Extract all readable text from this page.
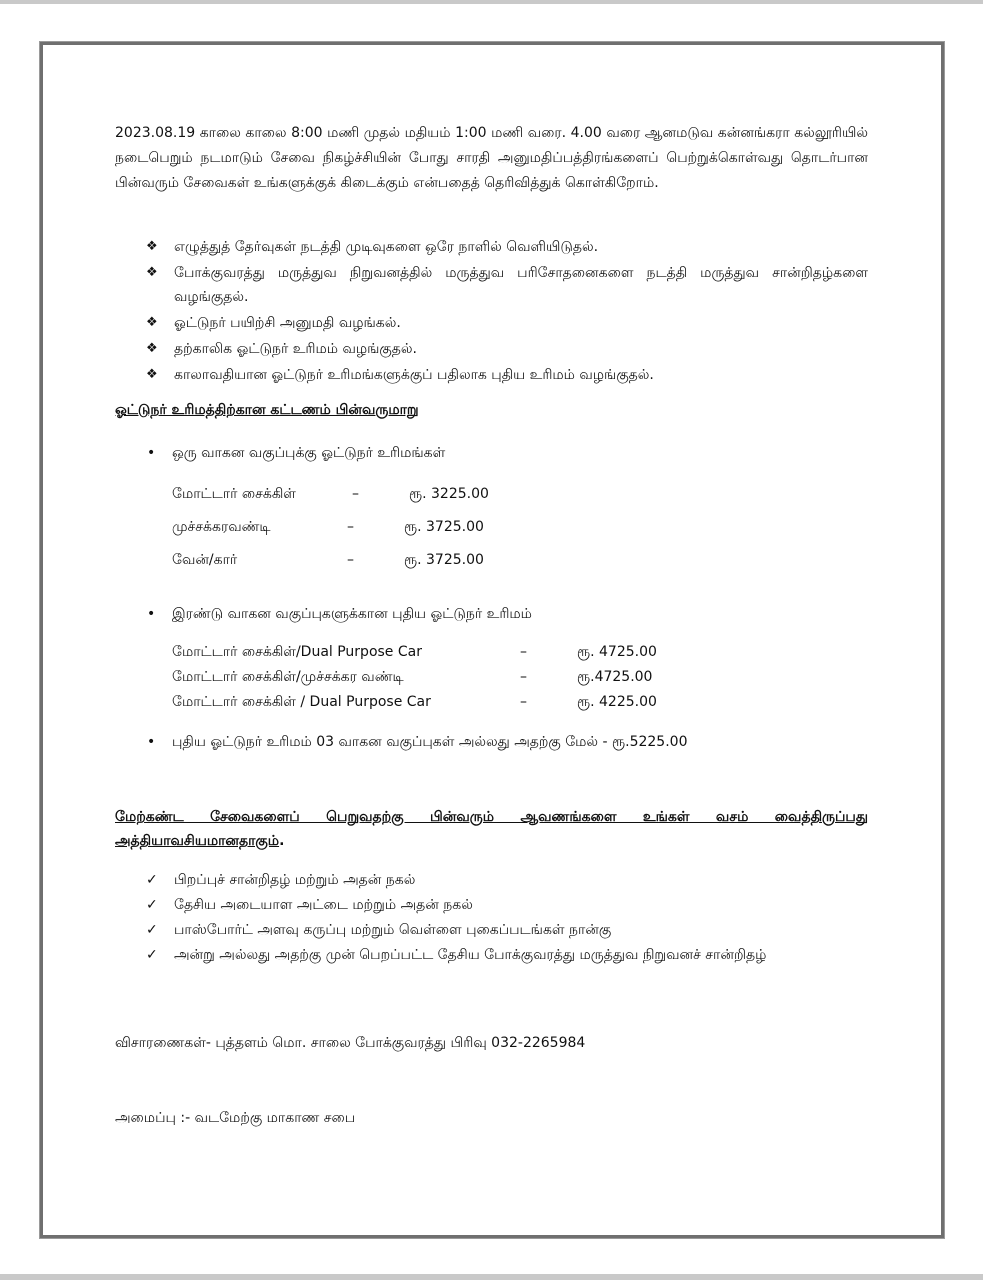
2023.08.19 காலை காலை 8:00 மணி முதல் மதியம் 1:00 மணி வரை. 4.00 வரை ஆனமடுவ கன்னங்கரா கல்லூரியில் நடைபெறும் நடமாடும் சேவை நிகழ்ச்சியின் போது சாரதி அனுமதிப்பத்திரங்களைப் பெற்றுக்கொள்வது தொடர்பான பின்வரும் சேவைகள் உங்களுக்குக் கிடைக்கும் என்பதைத் தெரிவித்துக் கொள்கிறோம்.

❖ எழுத்துத் தேர்வுகள் நடத்தி முடிவுகளை ஒரே நாளில் வெளியிடுதல்.
❖ போக்குவரத்து மருத்துவ நிறுவனத்தில் மருத்துவ பரிசோதனைகளை நடத்தி மருத்துவ சான்றிதழ்களை வழங்குதல்.
❖ ஓட்டுநர் பயிற்சி அனுமதி வழங்கல்.
❖ தற்காலிக ஓட்டுநர் உரிமம் வழங்குதல்.
❖ காலாவதியான ஓட்டுநர் உரிமங்களுக்குப் பதிலாக புதிய உரிமம் வழங்குதல்.

ஓட்டுநர் உரிமத்திற்கான கட்டணம் பின்வருமாறு

• ஒரு வாகன வகுப்புக்கு ஓட்டுநர் உரிமங்கள்
மோட்டார் சைக்கிள்	–	ரூ. 3225.00
முச்சக்கரவண்டி	–	ரூ. 3725.00
வேன்/கார்	–	ரூ. 3725.00
• இரண்டு வாகன வகுப்புகளுக்கான புதிய ஓட்டுநர் உரிமம்
மோட்டார் சைக்கிள்/Dual Purpose Car	–	ரூ. 4725.00
மோட்டார் சைக்கிள்/முச்சக்கர வண்டி	–	ரூ.4725.00
மோட்டார் சைக்கிள் / Dual Purpose Car	–	ரூ. 4225.00
• புதிய ஓட்டுநர் உரிமம் 03 வாகன வகுப்புகள் அல்லது அதற்கு மேல் - ரூ.5225.00

மேற்கண்ட சேவைகளைப் பெறுவதற்கு பின்வரும் ஆவணங்களை உங்கள் வசம் வைத்திருப்பது அத்தியாவசியமானதாகும்.

✓ பிறப்புச் சான்றிதழ் மற்றும் அதன் நகல்
✓ தேசிய அடையாள அட்டை மற்றும் அதன் நகல்
✓ பாஸ்போர்ட் அளவு கருப்பு மற்றும் வெள்ளை புகைப்படங்கள் நான்கு
✓ அன்று அல்லது அதற்கு முன் பெறப்பட்ட தேசிய போக்குவரத்து மருத்துவ நிறுவனச் சான்றிதழ்

விசாரணைகள்- புத்தளம் மொ. சாலை போக்குவரத்து பிரிவு 032-2265984

அமைப்பு :- வடமேற்கு மாகாண சபை
